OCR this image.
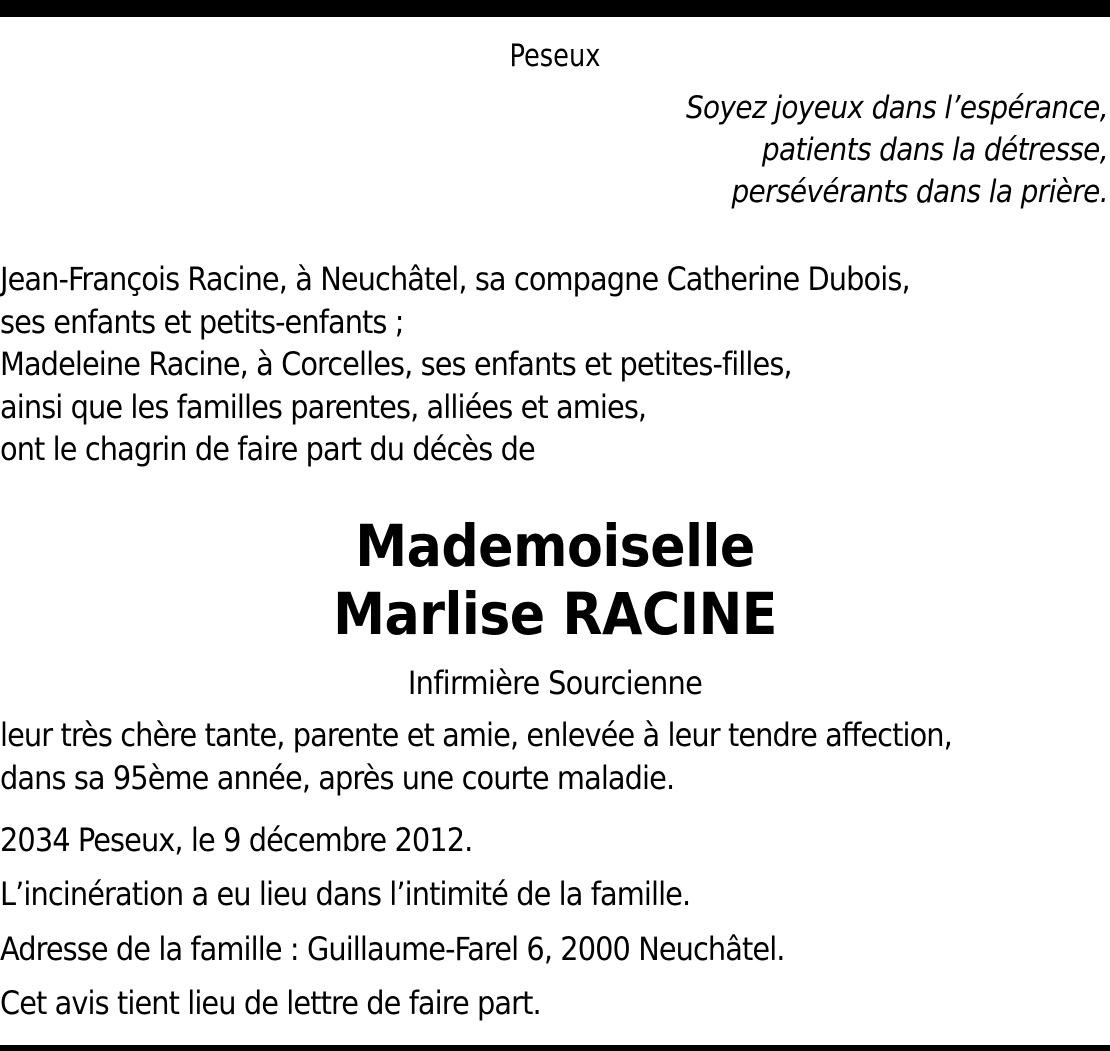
Peseux
Soyez joyeux dans l’espérance,
patients dans la détresse,
persévérants dans la prière.
Jean-François Racine, à Neuchâtel, sa compagne Catherine Dubois,
ses enfants et petits-enfants ;
Madeleine Racine, à Corcelles, ses enfants et petites-filles,
ainsi que les familles parentes, alliées et amies,
ont le chagrin de faire part du décès de
Mademoiselle
Marlise RACINE
Infirmière Sourcienne
leur très chère tante, parente et amie, enlevée à leur tendre affection,
dans sa 95ème année, après une courte maladie.
2034 Peseux, le 9 décembre 2012.
L’incinération a eu lieu dans l’intimité de la famille.
Adresse de la famille : Guillaume-Farel 6, 2000 Neuchâtel.
Cet avis tient lieu de lettre de faire part.
